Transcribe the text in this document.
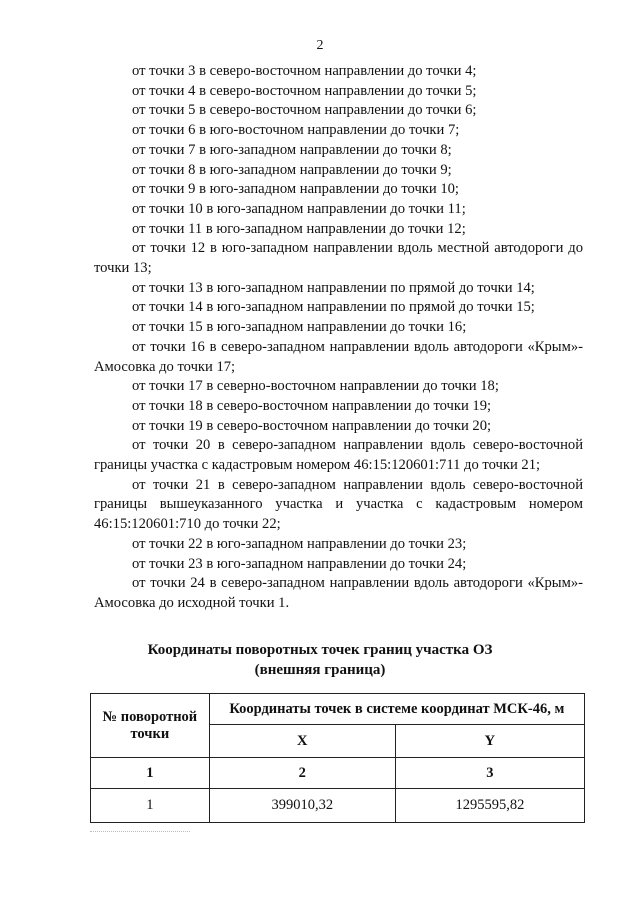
2

от точки 3 в северо-восточном направлении до точки 4;

от точки 4 в северо-восточном направлении до точки 5;

от точки 5 в северо-восточном направлении до точки 6;

от точки 6 в юго-восточном направлении до точки 7;

от точки 7 в юго-западном направлении до точки 8;

от точки 8 в юго-западном направлении до точки 9;

от точки 9 в юго-западном направлении до точки 10;

от точки 10 в юго-западном направлении до точки 11;

от точки 11 в юго-западном направлении до точки 12;

от точки 12 в юго-западном направлении вдоль местной автодороги до точки 13;

от точки 13 в юго-западном направлении по прямой до точки 14;

от точки 14 в юго-западном направлении по прямой до точки 15;

от точки 15 в юго-западном направлении до точки 16;

от точки 16 в северо-западном направлении вдоль автодороги «Крым»-Амосовка до точки 17;

от точки 17 в северно-восточном направлении до точки 18;

от точки 18 в северо-восточном направлении до точки 19;

от точки 19 в северо-восточном направлении до точки 20;

от точки 20 в северо-западном направлении вдоль северо-восточной границы участка с кадастровым номером 46:15:120601:711 до точки 21;

от точки 21 в северо-западном направлении вдоль северо-восточной границы вышеуказанного участка и участка с кадастровым номером 46:15:120601:710 до точки 22;

от точки 22 в юго-западном направлении до точки 23;

от точки 23 в юго-западном направлении до точки 24;

от точки 24 в северо-западном направлении вдоль автодороги «Крым»-Амосовка до исходной точки 1.

Координаты поворотных точек границ участка ОЗ
(внешняя граница)
№ поворотной точки	Координаты точек в системе координат МСК-46, м	
	X	Y
1	2	3
1	399010,32	1295595,82
